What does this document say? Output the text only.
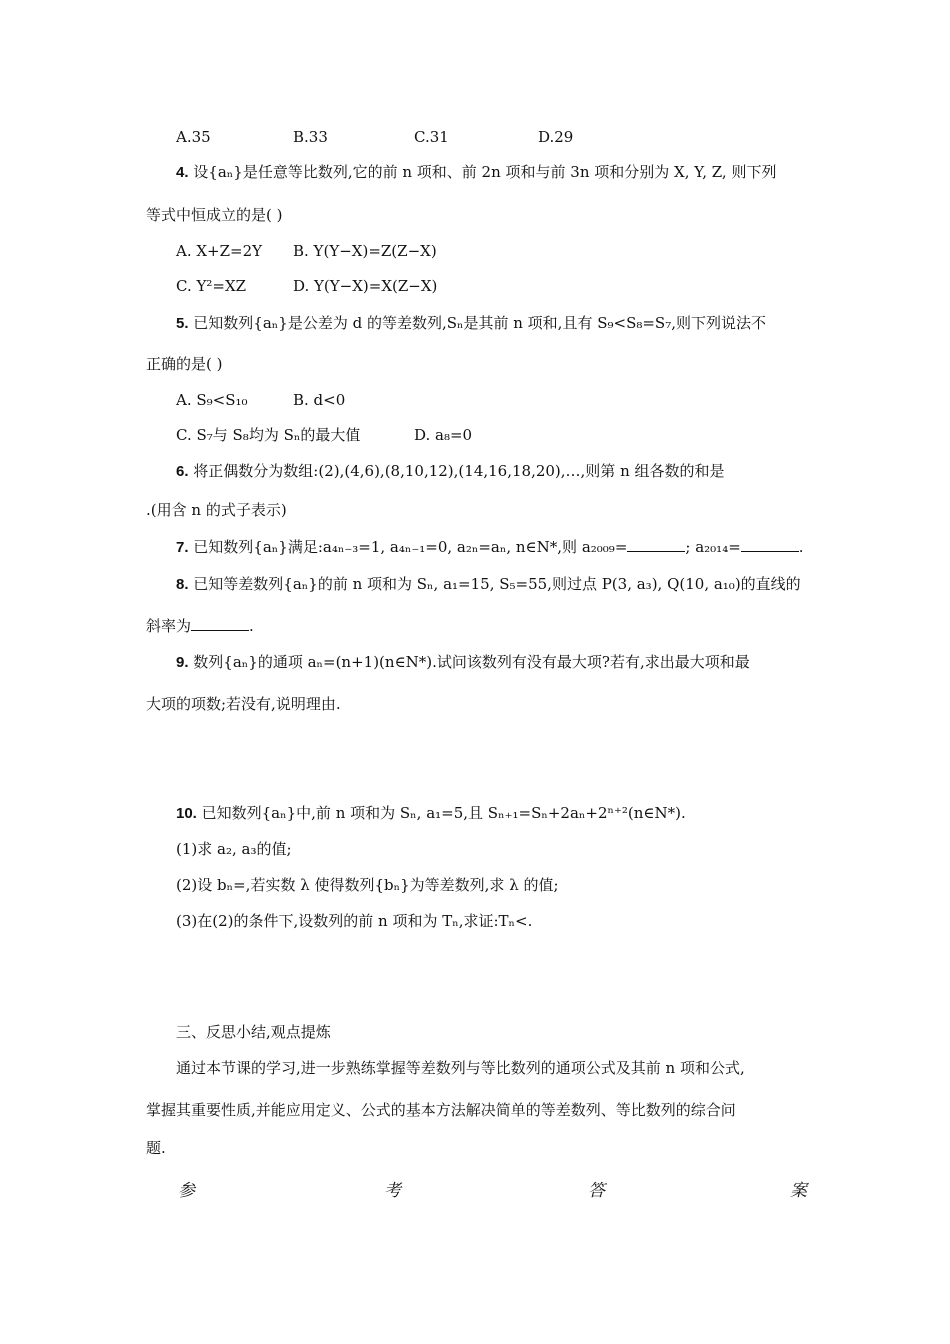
A.35	B.33	C.31	D.29
4. 设{aₙ}是任意等比数列,它的前 n 项和、前 2n 项和与前 3n 项和分别为 X, Y, Z, 则下列
等式中恒成立的是( )
A. X+Z=2Y B. Y(Y−X)=Z(Z−X)
C. Y²=XZ	D. Y(Y−X)=X(Z−X)
5. 已知数列{aₙ}是公差为 d 的等差数列,Sₙ是其前 n 项和,且有 S₉<S₈=S₇,则下列说法不
正确的是( )
A. S₉<S₁₀	B. d<0
C. S₇与 S₈均为 Sₙ的最大值	D. a₈=0
6. 将正偶数分为数组:(2),(4,6),(8,10,12),(14,16,18,20),…,则第 n 组各数的和是
.(用含 n 的式子表示)
7. 已知数列{aₙ}满足:a₄ₙ₋₃=1, a₄ₙ₋₁=0, a₂ₙ=aₙ, n∈N*,则 a₂₀₀₉=	; a₂₀₁₄=	.
8. 已知等差数列{aₙ}的前 n 项和为 Sₙ, a₁=15, S₅=55,则过点 P(3, a₃), Q(10, a₁₀)的直线的
斜率为	.
9. 数列{aₙ}的通项 aₙ=(n+1)(n∈N*).试问该数列有没有最大项?若有,求出最大项和最
大项的项数;若没有,说明理由.
10. 已知数列{aₙ}中,前 n 项和为 Sₙ, a₁=5,且 Sₙ₊₁=Sₙ+2aₙ+2ⁿ⁺²(n∈N*).
(1)求 a₂, a₃的值;
(2)设 bₙ=,若实数 λ 使得数列{bₙ}为等差数列,求 λ 的值;
(3)在(2)的条件下,设数列的前 n 项和为 Tₙ,求证:Tₙ<.
三、反思小结,观点提炼
通过本节课的学习,进一步熟练掌握等差数列与等比数列的通项公式及其前 n 项和公式,
掌握其重要性质,并能应用定义、公式的基本方法解决简单的等差数列、等比数列的综合问
题.
参	考	答	案
